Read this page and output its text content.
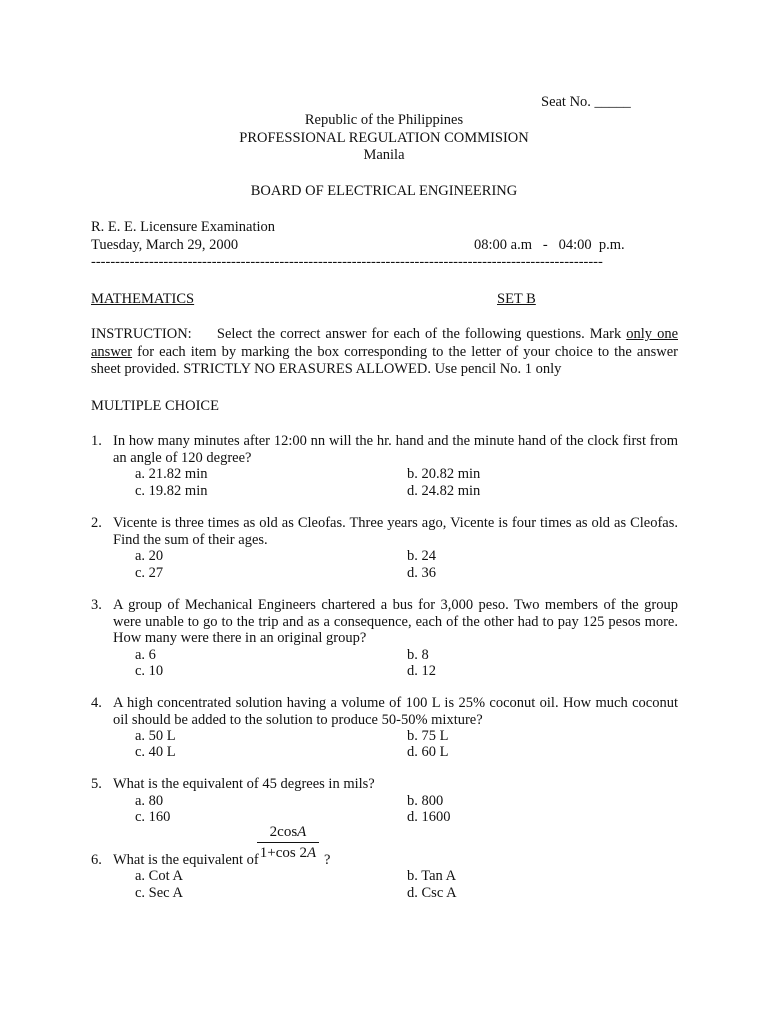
Seat No. _____
Republic of the Philippines
PROFESSIONAL REGULATION COMMISION
Manila
BOARD OF ELECTRICAL ENGINEERING
R. E. E. Licensure Examination
Tuesday, March 29, 2000	08:00 a.m   -   04:00  p.m.
----------------------------------------------------------------------------------------------------------
MATHEMATICS	SET B
INSTRUCTION: Select the correct answer for each of the following questions. Mark only one answer for each item by marking the box corresponding to the letter of your choice to the answer sheet provided. STRICTLY NO ERASURES ALLOWED. Use pencil No. 1 only
MULTIPLE CHOICE
1. In how many minutes after 12:00 nn will the hr. hand and the minute hand of the clock first from an angle of 120 degree?
a. 21.82 min	b. 20.82 min
c. 19.82 min	d. 24.82 min
2. Vicente is three times as old as Cleofas. Three years ago, Vicente is four times as old as Cleofas. Find the sum of their ages.
a. 20	b. 24
c. 27	d. 36
3. A group of Mechanical Engineers chartered a bus for 3,000 peso. Two members of the group were unable to go to the trip and as a consequence, each of the other had to pay 125 pesos more. How many were there in an original group?
a. 6	b. 8
c. 10	d. 12
4. A high concentrated solution having a volume of 100 L is 25% coconut oil. How much coconut oil should be added to the solution to produce 50-50% mixture?
a. 50 L	b. 75 L
c. 40 L	d. 60 L
5. What is the equivalent of 45 degrees in mils?
a. 80	b. 800
c. 160	d. 1600
2cosA
1+cos 2A
6. What is the equivalent of	?
a. Cot A	b. Tan A
c. Sec A	d. Csc A
